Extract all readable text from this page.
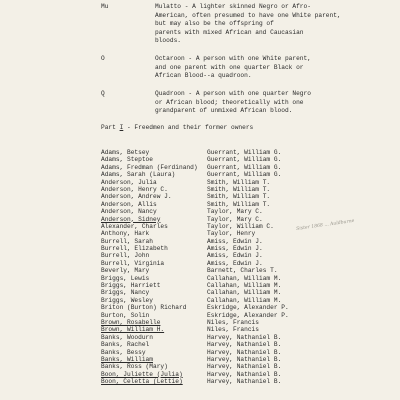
Mu	Mulatto - A lighter skinned Negro or Afro-
American, often presumed to have one White parent,
but may also be the offspring of
parents with mixed African and Caucasian
bloods.
O	Octaroon - A person with one White parent,
and one parent with one quarter Black or
African Blood--a quadroon.
Q	Quadroon - A person with one quarter Negro
or African blood; theoretically with one
grandparent of unmixed African blood.
Part I - Freedmen and their former owners
Adams, Betsey	Guerrant, William G.
Adams, Steptoe	Guerrant, William G.
Adams, Fredman (Ferdinand) Guerrant, William G.
Adams, Sarah (Laura)	Guerrant, William G.
Anderson, Julia	Smith, William T.
Anderson, Henry C.	Smith, William T.
Anderson, Andrew J.	Smith, William T.
Anderson, Allis	Smith, William T.
Anderson, Nancy	Taylor, Mary C.
Anderson, Sidney	Taylor, Mary C.
Alexander, Charles	Taylor, William C.
Anthony, Hark	Taylor, Henry
Burrell, Sarah	Amiss, Edwin J.
Burrell, Elizabeth	Amiss, Edwin J.
Burrell, John	Amiss, Edwin J.
Burrell, Virginia	Amiss, Edwin J.
Beverly, Mary	Barnett, Charles T.
Briggs, Lewis	Callahan, William M.
Briggs, Harriett	Callahan, William M.
Briggs, Nancy	Callahan, William M.
Briggs, Wesley	Callahan, William M.
Briton (Burton) Richard	Eskridge, Alexander P.
Burton, Solin	Eskridge, Alexander P.
Brown, Rosabelle	Niles, Francis
Brown, William H.	Niles, Francis
Banks, Woodurn	Harvey, Nathaniel B.
Banks, Rachel	Harvey, Nathaniel B.
Banks, Bessy	Harvey, Nathaniel B.
Banks, William	Harvey, Nathaniel B.
Banks, Ross (Mary)	Harvey, Nathaniel B.
Boon, Juliette (Julia)	Harvey, Nathaniel B.
Boon, Celetta (Lettie)	Harvey, Nathaniel B.
Sister 1868 ... Auldburne
